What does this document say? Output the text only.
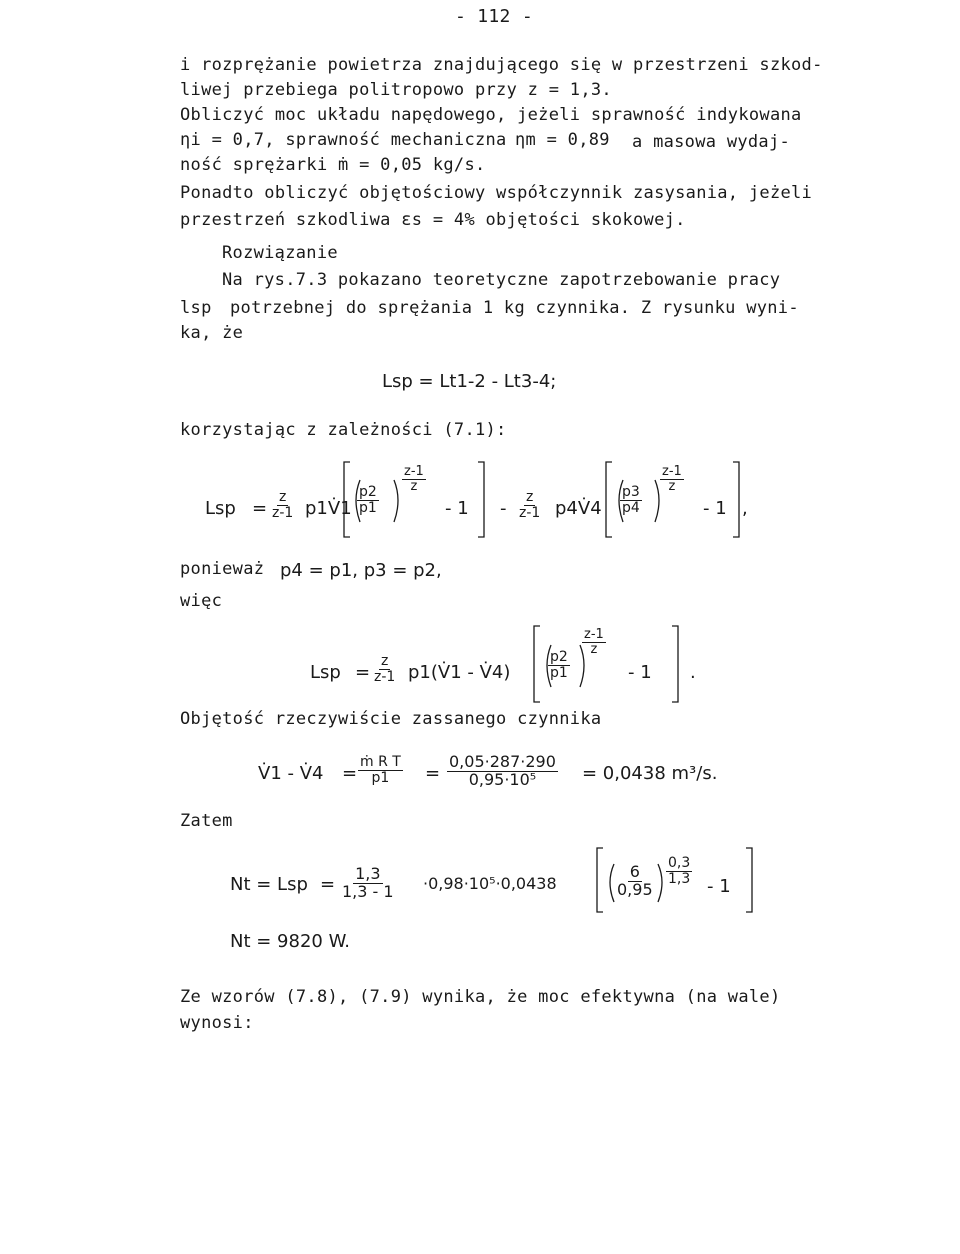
- 112 -
i rozprężanie powietrza znajdującego się w przestrzeni szkod-
liwej przebiega politropowo przy z = 1,3.
Obliczyć moc układu napędowego, jeżeli sprawność indykowana
ηi = 0,7, sprawność mechaniczna ηm = 0,89 a masowa wydaj-
ność sprężarki ṁ = 0,05 kg/s.
Ponadto obliczyć objętościowy współczynnik zasysania, jeżeli
przestrzeń szkodliwa εs = 4% objętości skokowej.
Rozwiązanie
Na rys.7.3 pokazano teoretyczne zapotrzebowanie pracy
lsp potrzebnej do sprężania 1 kg czynnika. Z rysunku wyni-
ka, że
Lsp = Lt1-2 - Lt3-4;
korzystając z zależności (7.1):
Lsp = $\frac{z}{z-1}$ p1V̇1 $\frac{p2}{p1}$
$\frac{z-1}{z}$
- $1 - \frac{z}{z-1}$ p4V̇4 $\frac{p3}{p4}$
$\frac{z-1}{z}$
- 1 ,
ponieważ p4 = p1, p3 = p2,
więc
Lsp = $\frac{z}{z-1}$ p1(V̇1 - V̇4)	$\frac{p2}{p1}$
$\frac{z-1}{z}$
- 1 .
Objętość rzeczywiście zassanego czynnika
V̇1 - V̇4 = $\frac{\text{ṁ R T}}{p1} = \frac{0,05\cdot 287\cdot 290}{\text{0,95·10⁵}} = 0,0438$ m³/s.
Zatem
Nt = Lsp = $\frac{1,3}{1,3 - 1} \cdot 0,98\cdot 10^5\cdot 0,0438$	$\frac{6}{0,95} \frac{0,3}{1,3}$
- 1
Nt = 9820 W.
Ze wzorów (7.8), (7.9) wynika, że moc efektywna (na wale)
wynosi:
